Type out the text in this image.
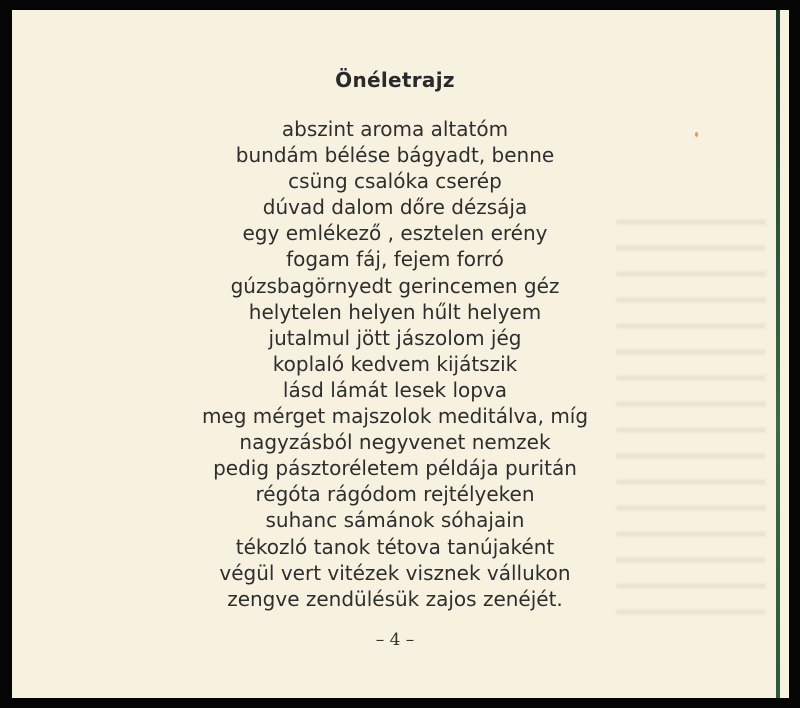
Önéletrajz
abszint aroma altatóm
bundám bélése bágyadt, benne
csüng csalóka cserép
dúvad dalom dőre dézsája
egy emlékező , esztelen erény
fogam fáj, fejem forró
gúzsbagörnyedt gerincemen géz
helytelen helyen hűlt helyem
jutalmul jött jászolom jég
koplaló kedvem kijátszik
lásd lámát lesek lopva
meg mérget majszolok meditálva, míg
nagyzásból negyvenet nemzek
pedig pásztoréletem példája puritán
régóta rágódom rejtélyeken
suhanc sámánok sóhajain
tékozló tanok tétova tanújaként
végül vert vitézek visznek vállukon
zengve zendülésük zajos zenéjét.
– 4 –
